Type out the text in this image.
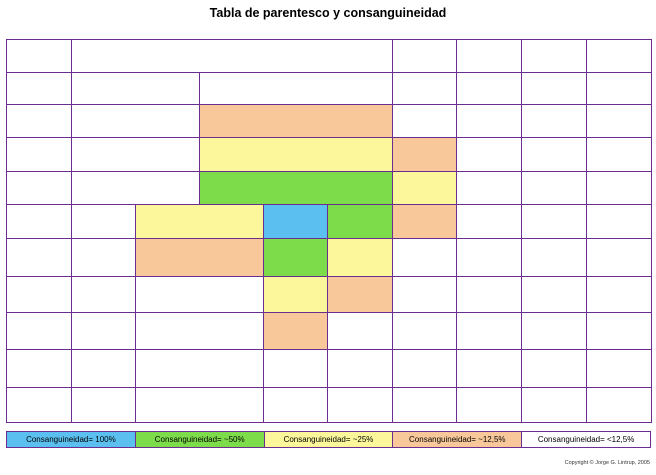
Tabla de parentesco y consanguineidad
Consanguineidad= 100%	Consanguineidad= ~50%	Consanguineidad= ~25%	Consanguineidad= ~12,5%	Consanguineidad= <12,5%
Copyright © Jorge G. Lintrup, 2005
